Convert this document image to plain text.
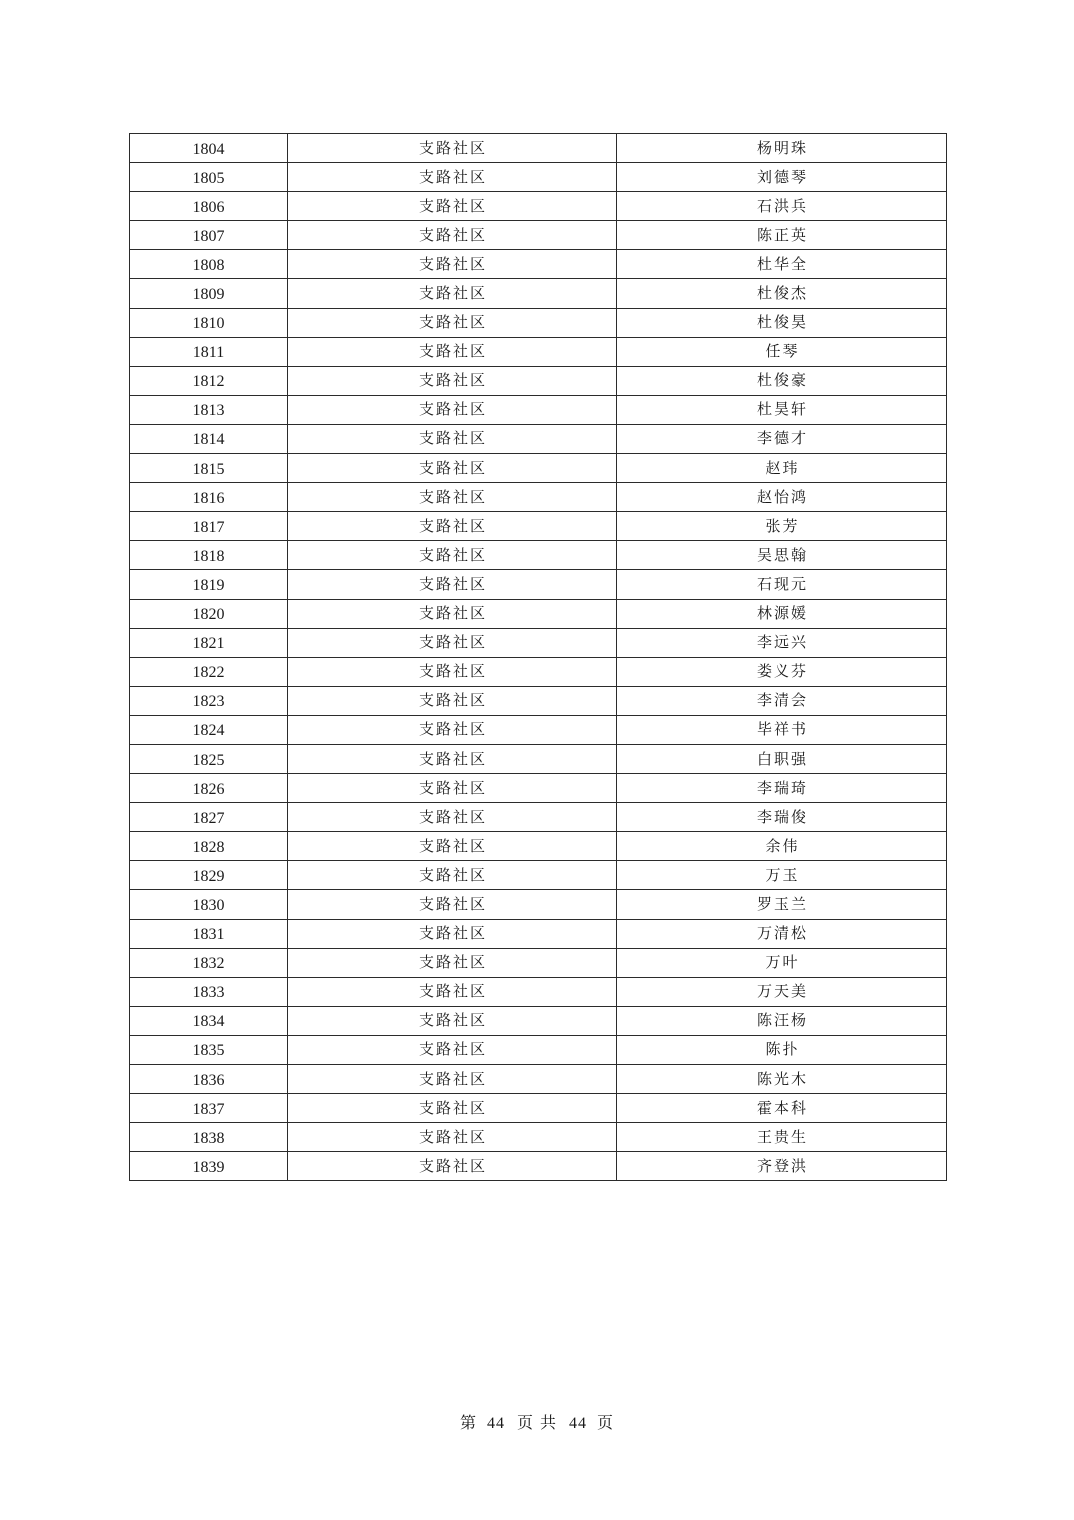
1804	支路社区	杨明珠
1805	支路社区	刘德琴
1806	支路社区	石洪兵
1807	支路社区	陈正英
1808	支路社区	杜华全
1809	支路社区	杜俊杰
1810	支路社区	杜俊昊
1811	支路社区	任琴
1812	支路社区	杜俊豪
1813	支路社区	杜昊轩
1814	支路社区	李德才
1815	支路社区	赵玮
1816	支路社区	赵怡鸿
1817	支路社区	张芳
1818	支路社区	吴思翰
1819	支路社区	石现元
1820	支路社区	林源媛
1821	支路社区	李远兴
1822	支路社区	娄义芬
1823	支路社区	李清会
1824	支路社区	毕祥书
1825	支路社区	白职强
1826	支路社区	李瑞琦
1827	支路社区	李瑞俊
1828	支路社区	余伟
1829	支路社区	万玉
1830	支路社区	罗玉兰
1831	支路社区	万清松
1832	支路社区	万叶
1833	支路社区	万天美
1834	支路社区	陈汪杨
1835	支路社区	陈扑
1836	支路社区	陈光木
1837	支路社区	霍本科
1838	支路社区	王贵生
1839	支路社区	齐登洪
第 44 页 共 44 页
